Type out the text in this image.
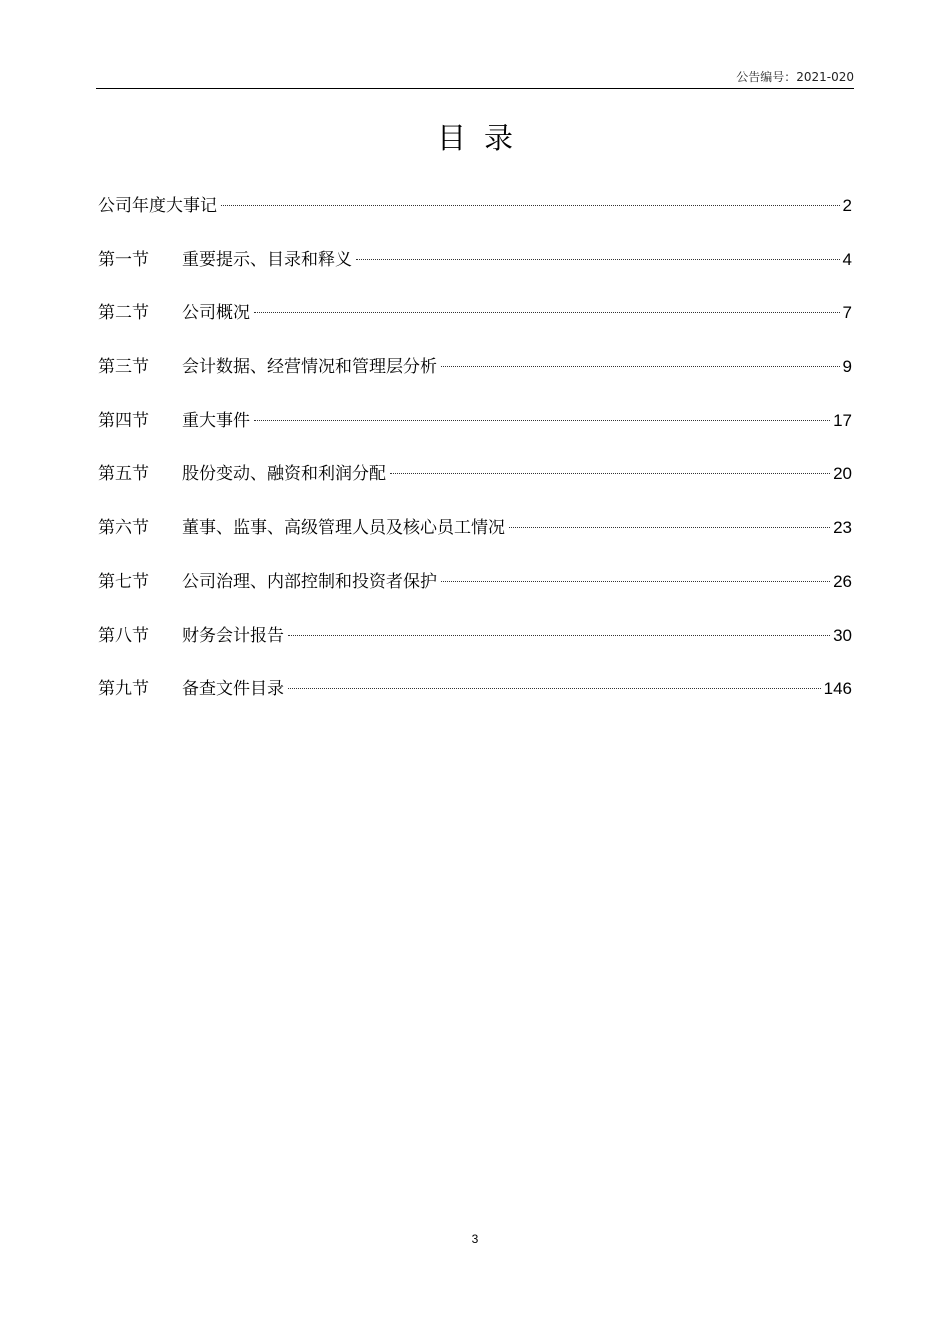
公告编号：2021-020
目录
公司年度大事记	2
第一节	重要提示、目录和释义	4
第二节	公司概况	7
第三节	会计数据、经营情况和管理层分析	9
第四节	重大事件	17
第五节	股份变动、融资和利润分配	20
第六节	董事、监事、高级管理人员及核心员工情况	23
第七节	公司治理、内部控制和投资者保护	26
第八节	财务会计报告	30
第九节	备查文件目录	146
3
